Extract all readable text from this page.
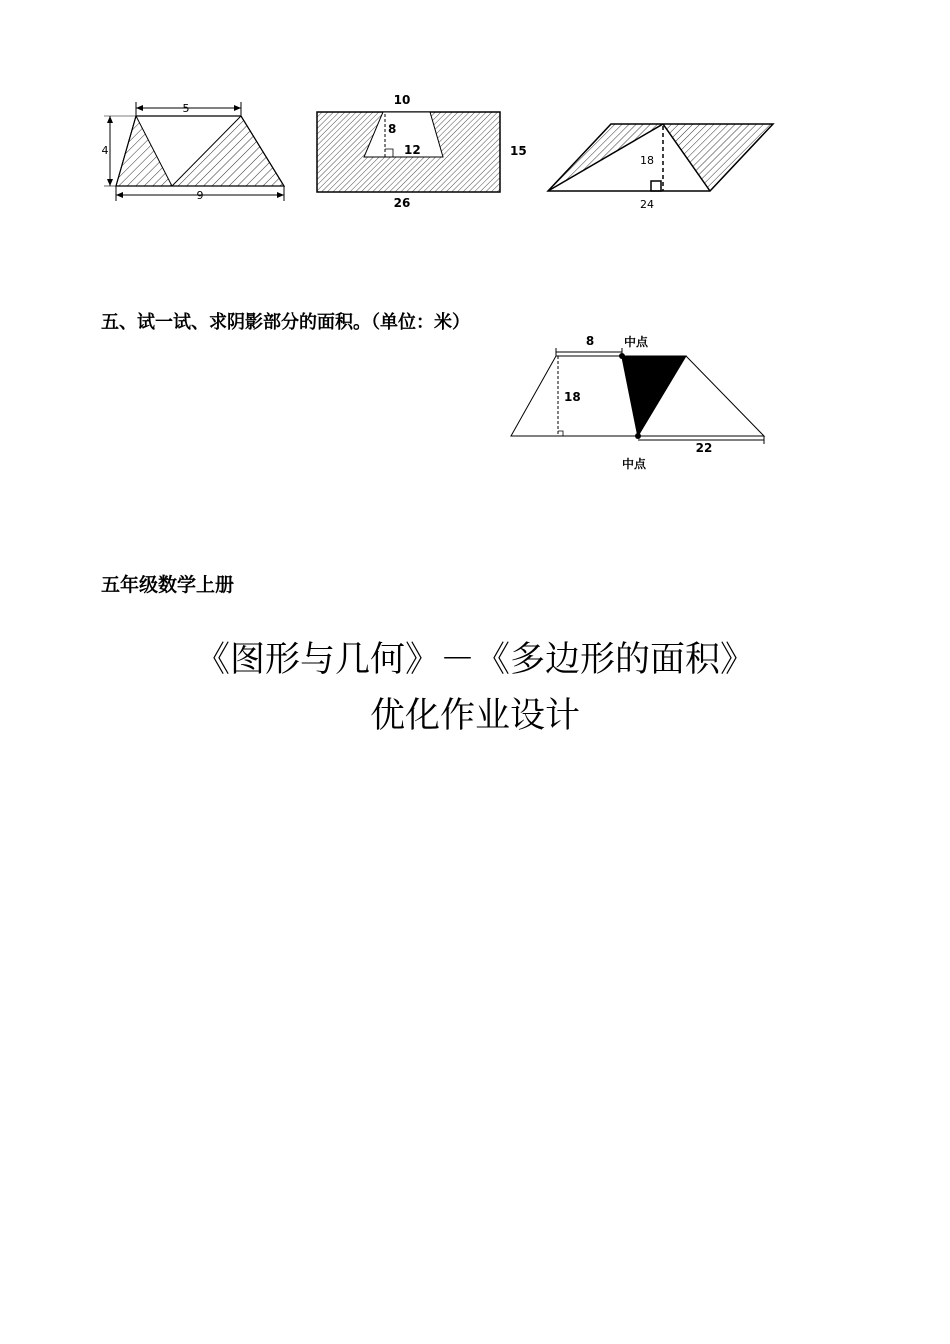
5
4
9
10
8
12	15
26
18
24

五、试一试、求阴影部分的面积。（单位：米）

8 中点
18
22
中点

五年级数学上册

《图形与几何》－《多边形的面积》
优化作业设计
